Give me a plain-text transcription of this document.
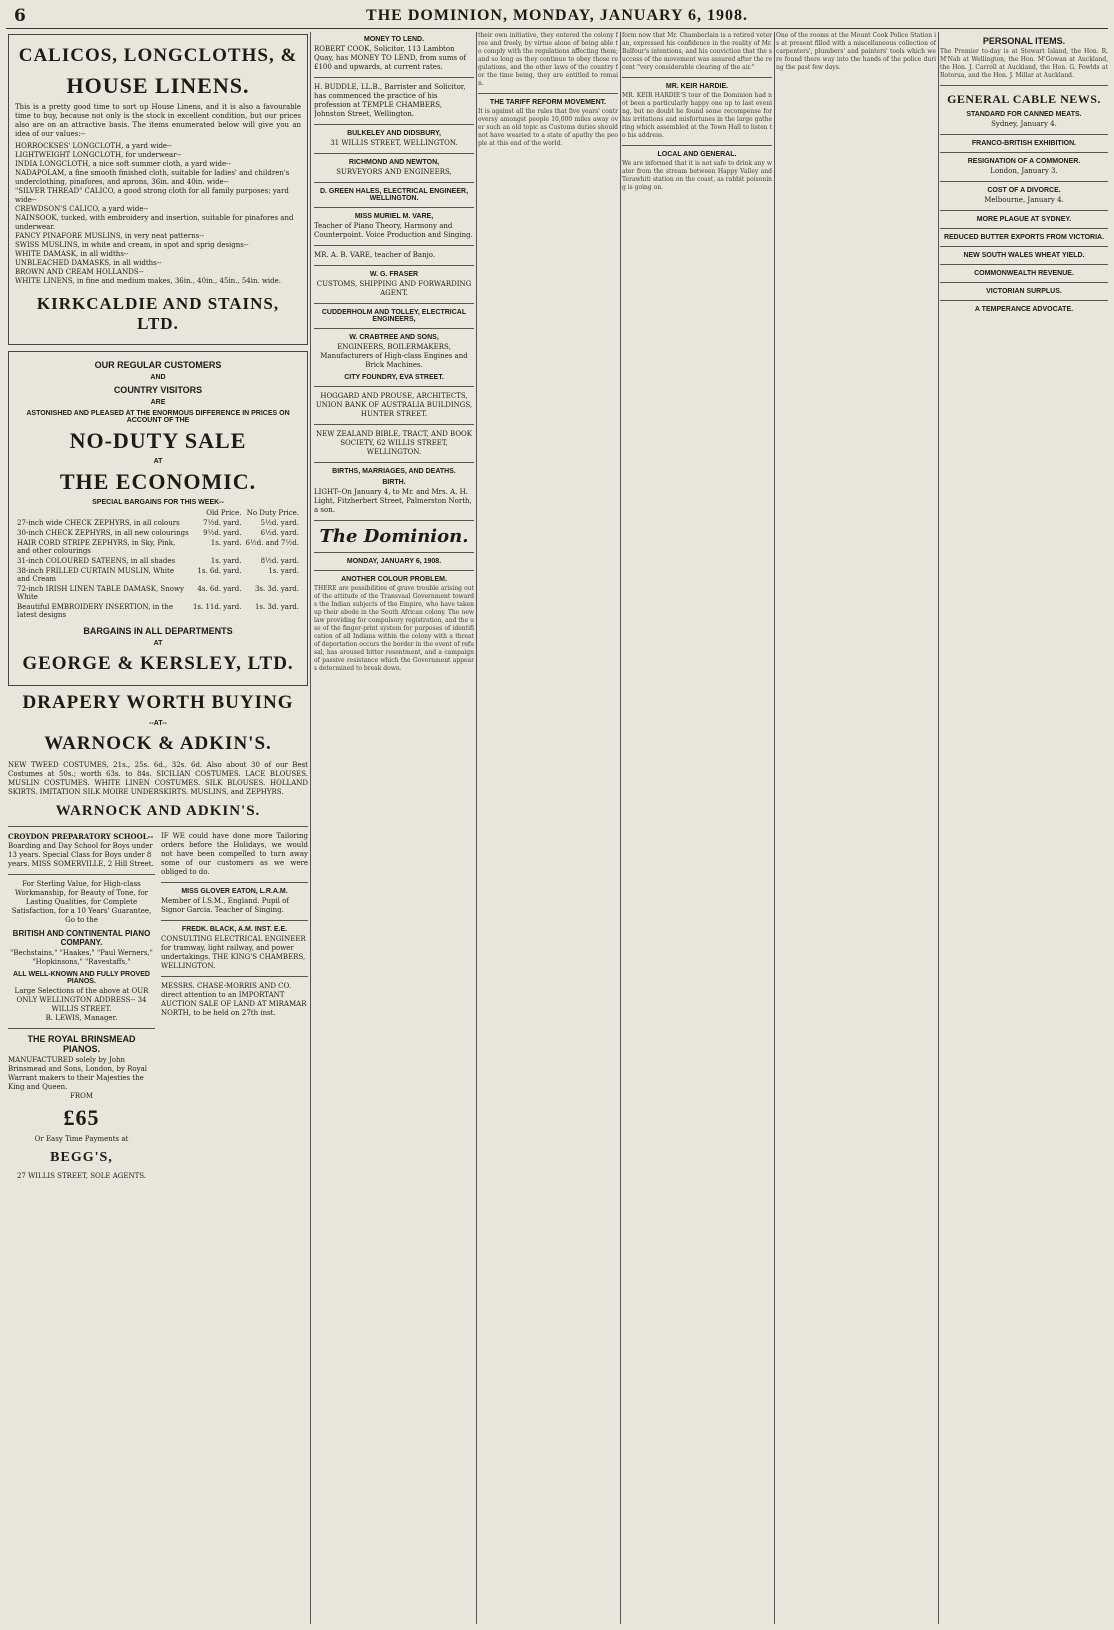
6	THE DOMINION, MONDAY, JANUARY 6, 1908.
CALICOS, LONGCLOTHS, &
HOUSE LINENS.
This is a pretty good time to sort up House Linens, and it is also a favourable time to buy, because not only is the stock in excellent condition, but our prices also are on an attractive basis. The items enumerated below will give you an idea of our values:--
HORROCKSES' LONGCLOTH, a yard wide--
LIGHTWEIGHT LONGCLOTH, for underwear--
INDIA LONGCLOTH, a nice soft summer cloth, a yard wide--
NADAPOLAM, a fine smooth finished cloth, suitable for ladies' and children's underclothing, pinafores, and aprons, 36in. and 40in. wide--
"SILVER THREAD" CALICO, a good strong cloth for all family purposes; yard wide--
CREWDSON'S CALICO, a yard wide--
NAINSOOK, tucked, with embroidery and insertion, suitable for pinafores and underwear.
FANCY PINAFORE MUSLINS, in very neat patterns--
SWISS MUSLINS, in white and cream, in spot and sprig designs--
WHITE DAMASK, in all widths--
UNBLEACHED DAMASKS, in all widths--
BROWN AND CREAM HOLLANDS--
WHITE LINENS, in fine and medium makes, 36in., 40in., 45in., 54in. wide.
KIRKCALDIE AND STAINS, LTD.
OUR REGULAR CUSTOMERS
AND
COUNTRY VISITORS
ARE
ASTONISHED AND PLEASED AT THE ENORMOUS DIFFERENCE IN PRICES ON ACCOUNT OF THE
NO-DUTY SALE
AT
THE ECONOMIC.
SPECIAL BARGAINS FOR THIS WEEK--
	Old Price.	No Duty Price.
27-inch wide CHECK ZEPHYRS, in all colours	7½d. yard.	5½d. yard.
30-inch CHECK ZEPHYRS, in all new colourings	9½d. yard.	6½d. yard.
HAIR CORD STRIPE ZEPHYRS, in Sky, Pink, and other colourings	1s. yard.	6½d. and 7½d.
31-inch COLOURED SATEENS, in all shades	1s. yard.	8½d. yard.
38-inch FRILLED CURTAIN MUSLIN, White and Cream	1s. 6d. yard.	1s. yard.
72-inch IRISH LINEN TABLE DAMASK, Snowy White	4s. 6d. yard.	3s. 3d. yard.
Beautiful EMBROIDERY INSERTION, in the latest designs	1s. 11d. yard.	1s. 3d. yard.
BARGAINS IN ALL DEPARTMENTS
AT
GEORGE & KERSLEY, LTD.
DRAPERY WORTH BUYING
--AT--
WARNOCK & ADKIN'S.
NEW TWEED COSTUMES, 21s., 25s. 6d., 32s. 6d. Also about 30 of our Best Costumes at 50s.; worth 63s. to 84s. SICILIAN COSTUMES. LACE BLOUSES. MUSLIN COSTUMES. WHITE LINEN COSTUMES. SILK BLOUSES. HOLLAND SKIRTS. IMITATION SILK MOIRE UNDERSKIRTS. MUSLINS, and ZEPHYRS.
WARNOCK AND ADKIN'S.
CROYDON PREPARATORY SCHOOL-- Boarding and Day School for Boys under 13 years. Special Class for Boys under 8 years. MISS SOMERVILLE, 2 Hill Street.
For Sterling Value, for High-class Workmanship, for Beauty of Tone, for Lasting Qualities, for Complete Satisfaction, for a 10 Years' Guarantee,
Go to the
BRITISH AND CONTINENTAL PIANO COMPANY.
"Bechstains," "Haakes," "Paul Werners,"
"Hopkinsons," "Ravestaffs,"
ALL WELL-KNOWN AND FULLY PROVED PIANOS.
Large Selections of the above at OUR ONLY WELLINGTON ADDRESS-- 34 WILLIS STREET.
B. LEWIS, Manager.
THE ROYAL BRINSMEAD PIANOS.
MANUFACTURED solely by John Brinsmead and Sons, London, by Royal Warrant makers to their Majesties the King and Queen.
FROM
£65
Or Easy Time Payments at
BEGG'S,
27 WILLIS STREET, SOLE AGENTS.
IF WE could have done more Tailoring orders before the Holidays, we would not have been compelled to turn away some of our customers as we were obliged to do.
MISS GLOVER EATON, L.R.A.M.
Member of I.S.M., England. Pupil of Signor Garcia. Teacher of Singing.
FREDK. BLACK, A.M. INST. E.E.
CONSULTING ELECTRICAL ENGINEER for tramway, light railway, and power undertakings. THE KING'S CHAMBERS, WELLINGTON.
MESSRS. CHASE-MORRIS AND CO. direct attention to an IMPORTANT AUCTION SALE OF LAND AT MIRAMAR NORTH, to be held on 27th inst.
MONEY TO LEND.
ROBERT COOK, Solicitor, 113 Lambton Quay, has MONEY TO LEND, from sums of £100 and upwards, at current rates.
H. BUDDLE, LL.B., Barrister and Solicitor, has commenced the practice of his profession at TEMPLE CHAMBERS, Johnston Street, Wellington.
BULKELEY AND DIDSBURY,
31 WILLIS STREET, WELLINGTON.
RICHMOND AND NEWTON,
SURVEYORS AND ENGINEERS,
D. GREEN HALES, ELECTRICAL ENGINEER, WELLINGTON.
MISS MURIEL M. VARE,
Teacher of Piano Theory, Harmony and Counterpoint. Voice Production and Singing.
MR. A. B. VARE, teacher of Banjo.
W. G. FRASER
CUSTOMS, SHIPPING AND FORWARDING AGENT.
CUDDERHOLM AND TOLLEY, ELECTRICAL ENGINEERS,
W. CRABTREE AND SONS,
ENGINEERS, BOILERMAKERS, Manufacturers of High-class Engines and Brick Machines.
CITY FOUNDRY, EVA STREET.
HOGGARD AND PROUSE, ARCHITECTS, UNION BANK OF AUSTRALIA BUILDINGS, HUNTER STREET.
NEW ZEALAND BIBLE, TRACT, AND BOOK SOCIETY, 62 WILLIS STREET, WELLINGTON.
BIRTHS, MARRIAGES, AND DEATHS.
BIRTH.
LIGHT--On January 4, to Mr. and Mrs. A. H. Light, Fitzherbert Street, Palmerston North, a son.
The Dominion.
MONDAY, JANUARY 6, 1908.
ANOTHER COLOUR PROBLEM.
THERE are possibilities of grave trouble arising out of the attitude of the Transvaal Government towards the Indian subjects of the Empire, who have taken up their abode in the South African colony. The new law providing for compulsory registration, and the use of the finger-print system for purposes of identification of all Indians within the colony with a threat of deportation occurs the border in the event of refusal, has aroused bitter resentment, and a campaign of passive resistance which the Government appears determined to break down.
their own initiative, they entered the colony free and freely, by virtue alone of being able to comply with the regulations affecting them; and so long as they continue to obey those regulations, and the other laws of the country for the time being, they are entitled to remain.
THE TARIFF REFORM MOVEMENT.
It is against all the rules that five years' controversy amongst people 10,000 miles away over such an old topic as Customs duties should not have wearied to a state of apathy the people at this end of the world.
form now that Mr. Chamberlain is a retired veteran, expressed his confidence in the reality of Mr. Balfour's intentions, and his conviction that the success of the movement was assured after the recent "very considerable clearing of the air."
MR. KEIR HARDIE.
MR. KEIR HARDIE'S tour of the Dominion had not been a particularly happy one up to last evening, but no doubt he found some recompense for his irritations and misfortunes in the large gathering which assembled at the Town Hall to listen to his address.
LOCAL AND GENERAL.
We are informed that it is not safe to drink any water from the stream between Happy Valley and Terawhiti station on the coast, as rabbit poisoning is going on.
One of the rooms at the Mount Cook Police Station is at present filled with a miscellaneous collection of carpenters', plumbers' and painters' tools which were found there way into the hands of the police during the past few days.
PERSONAL ITEMS.
The Premier to-day is at Stewart Island, the Hon. R. M'Nab at Wellington, the Hon. M'Gowan at Auckland, the Hon. J. Carroll at Auckland, the Hon. G. Fowlds at Rotorua, and the Hon. J. Millar at Auckland.
GENERAL CABLE NEWS.
STANDARD FOR CANNED MEATS.
Sydney, January 4.
FRANCO-BRITISH EXHIBITION.
RESIGNATION OF A COMMONER.
London, January 3.
COST OF A DIVORCE.
Melbourne, January 4.
MORE PLAGUE AT SYDNEY.
REDUCED BUTTER EXPORTS FROM VICTORIA.
NEW SOUTH WALES WHEAT YIELD.
COMMONWEALTH REVENUE.
VICTORIAN SURPLUS.
A TEMPERANCE ADVOCATE.
